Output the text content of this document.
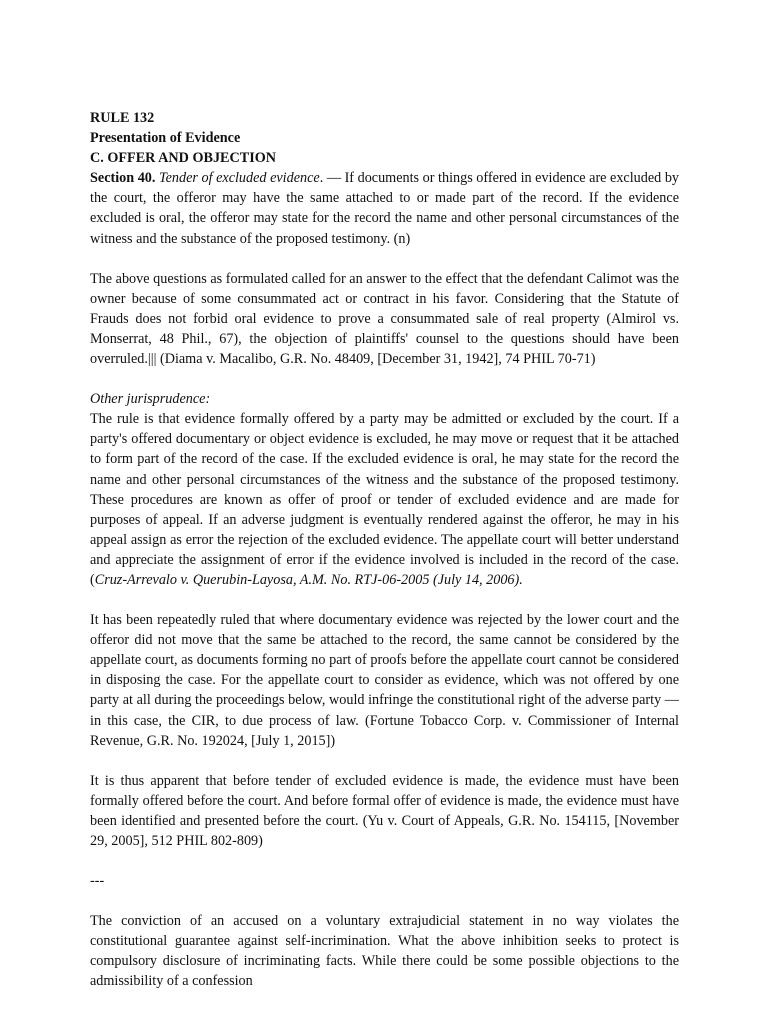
RULE 132
Presentation of Evidence
C. OFFER AND OBJECTION

Section 40. Tender of excluded evidence. — If documents or things offered in evidence are excluded by the court, the offeror may have the same attached to or made part of the record. If the evidence excluded is oral, the offeror may state for the record the name and other personal circumstances of the witness and the substance of the proposed testimony. (n)

The above questions as formulated called for an answer to the effect that the defendant Calimot was the owner because of some consummated act or contract in his favor. Considering that the Statute of Frauds does not forbid oral evidence to prove a consummated sale of real property (Almirol vs. Monserrat, 48 Phil., 67), the objection of plaintiffs' counsel to the questions should have been overruled.||| (Diama v. Macalibo, G.R. No. 48409, [December 31, 1942], 74 PHIL 70-71)

Other jurisprudence:

The rule is that evidence formally offered by a party may be admitted or excluded by the court. If a party's offered documentary or object evidence is excluded, he may move or request that it be attached to form part of the record of the case. If the excluded evidence is oral, he may state for the record the name and other personal circumstances of the witness and the substance of the proposed testimony. These procedures are known as offer of proof or tender of excluded evidence and are made for purposes of appeal. If an adverse judgment is eventually rendered against the offeror, he may in his appeal assign as error the rejection of the excluded evidence. The appellate court will better understand and appreciate the assignment of error if the evidence involved is included in the record of the case. (Cruz-Arrevalo v. Querubin-Layosa, A.M. No. RTJ-06-2005 (July 14, 2006).

It has been repeatedly ruled that where documentary evidence was rejected by the lower court and the offeror did not move that the same be attached to the record, the same cannot be considered by the appellate court, as documents forming no part of proofs before the appellate court cannot be considered in disposing the case. For the appellate court to consider as evidence, which was not offered by one party at all during the proceedings below, would infringe the constitutional right of the adverse party — in this case, the CIR, to due process of law. (Fortune Tobacco Corp. v. Commissioner of Internal Revenue, G.R. No. 192024, [July 1, 2015])

It is thus apparent that before tender of excluded evidence is made, the evidence must have been formally offered before the court. And before formal offer of evidence is made, the evidence must have been identified and presented before the court. (Yu v. Court of Appeals, G.R. No. 154115, [November 29, 2005], 512 PHIL 802-809)

---

The conviction of an accused on a voluntary extrajudicial statement in no way violates the constitutional guarantee against self-incrimination. What the above inhibition seeks to protect is compulsory disclosure of incriminating facts. While there could be some possible objections to the admissibility of a confession
